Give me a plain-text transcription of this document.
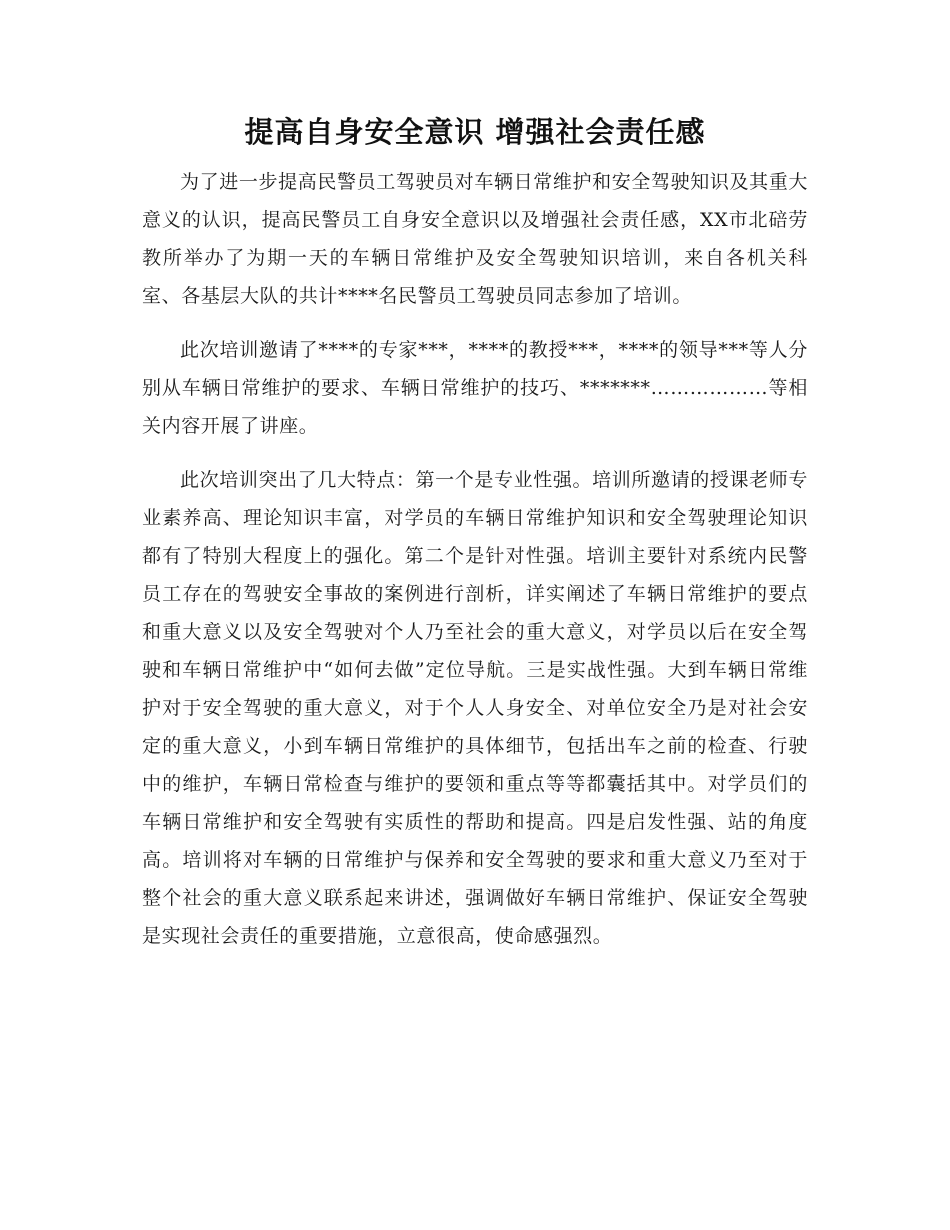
提高自身安全意识 增强社会责任感

为了进一步提高民警员工驾驶员对车辆日常维护和安全驾驶知识及其重大意义的认识，提高民警员工自身安全意识以及增强社会责任感，XX市北碚劳教所举办了为期一天的车辆日常维护及安全驾驶知识培训，来自各机关科室、各基层大队的共计****名民警员工驾驶员同志参加了培训。

此次培训邀请了****的专家***，****的教授***，****的领导***等人分别从车辆日常维护的要求、车辆日常维护的技巧、*******………………等相关内容开展了讲座。

此次培训突出了几大特点：第一个是专业性强。培训所邀请的授课老师专业素养高、理论知识丰富，对学员的车辆日常维护知识和安全驾驶理论知识都有了特别大程度上的强化。第二个是针对性强。培训主要针对系统内民警员工存在的驾驶安全事故的案例进行剖析，详实阐述了车辆日常维护的要点和重大意义以及安全驾驶对个人乃至社会的重大意义，对学员以后在安全驾驶和车辆日常维护中“如何去做”定位导航。三是实战性强。大到车辆日常维护对于安全驾驶的重大意义，对于个人人身安全、对单位安全乃是对社会安定的重大意义，小到车辆日常维护的具体细节，包括出车之前的检查、行驶中的维护，车辆日常检查与维护的要领和重点等等都囊括其中。对学员们的车辆日常维护和安全驾驶有实质性的帮助和提高。四是启发性强、站的角度高。培训将对车辆的日常维护与保养和安全驾驶的要求和重大意义乃至对于整个社会的重大意义联系起来讲述，强调做好车辆日常维护、保证安全驾驶是实现社会责任的重要措施，立意很高，使命感强烈。
